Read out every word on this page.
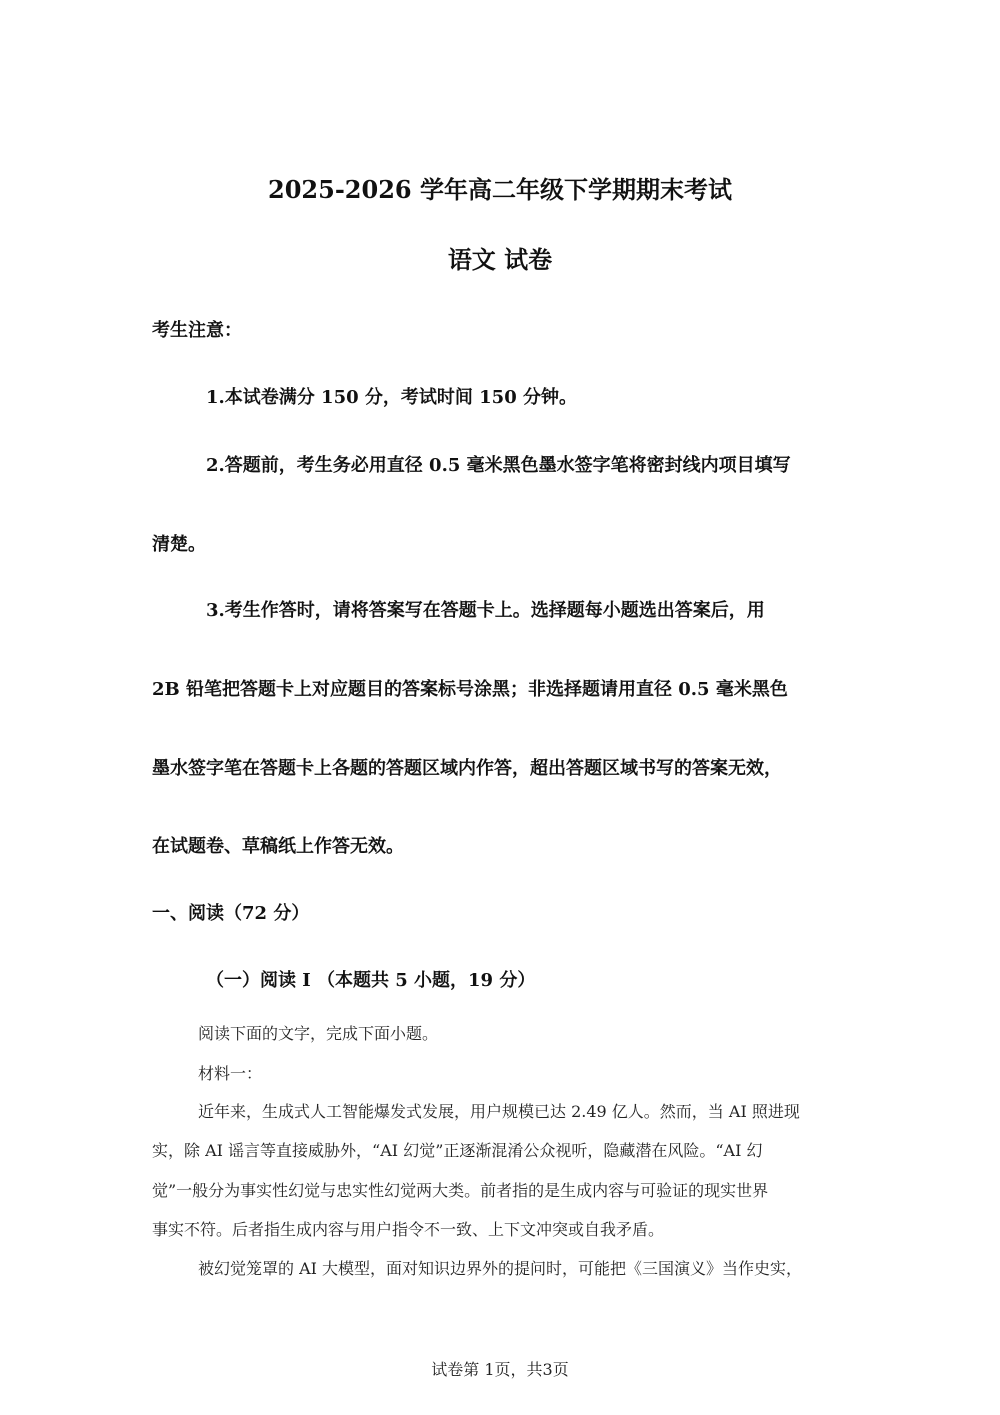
2025-2026 学年高二年级下学期期末考试
语文 试卷
考生注意：
1.本试卷满分 150 分，考试时间 150 分钟。
2.答题前，考生务必用直径 0.5 毫米黑色墨水签字笔将密封线内项目填写
清楚。
3.考生作答时，请将答案写在答题卡上。选择题每小题选出答案后，用
2B 铅笔把答题卡上对应题目的答案标号涂黑；非选择题请用直径 0.5 毫米黑色
墨水签字笔在答题卡上各题的答题区域内作答，超出答题区域书写的答案无效，
在试题卷、草稿纸上作答无效。
一、阅读（72 分）
（一）阅读 I （本题共 5 小题，19 分）
阅读下面的文字，完成下面小题。
材料一：
近年来，生成式人工智能爆发式发展，用户规模已达 2.49 亿人。然而，当 AI 照进现
实，除 AI 谣言等直接威胁外，“AI 幻觉”正逐渐混淆公众视听，隐藏潜在风险。“AI 幻
觉”一般分为事实性幻觉与忠实性幻觉两大类。前者指的是生成内容与可验证的现实世界
事实不符。后者指生成内容与用户指令不一致、上下文冲突或自我矛盾。
被幻觉笼罩的 AI 大模型，面对知识边界外的提问时，可能把《三国演义》当作史实，
试卷第 1页，共3页
